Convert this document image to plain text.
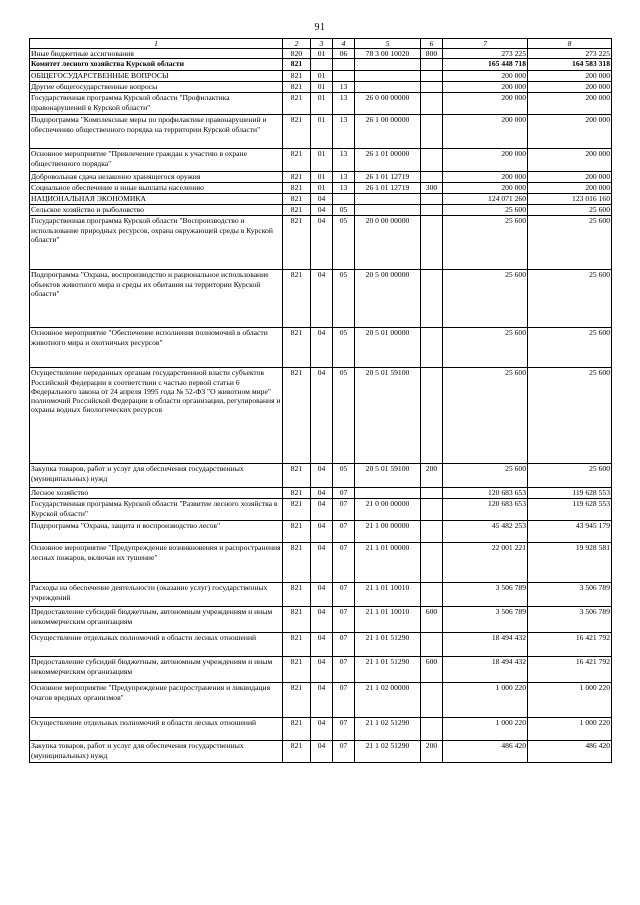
91
1	2	3	4	5	6	7	8
Иные бюджетные ассигнования	820	01	06	78 3 00 10020	800	273 225	273 225
Комитет лесного хозяйства Курской области	821					165 448 718	164 583 318
ОБЩЕГОСУДАРСТВЕННЫЕ ВОПРОСЫ	821	01				200 000	200 000
Другие общегосударственные вопросы	821	01	13			200 000	200 000
Государственная программа Курской области "Профилактика правонарушений в Курской области"	821	01	13	26 0 00 00000		200 000	200 000
Подпрограмма "Комплексные меры по профилактике правонарушений и обеспечению общественного порядка на территории Курской области"	821	01	13	26 1 00 00000		200 000	200 000
Основное мероприятие "Привлечение граждан к участию в охране общественного порядка"	821	01	13	26 1 01 00000		200 000	200 000
Добровольная сдача незаконно хранящегося оружия	821	01	13	26 1 01 12719		200 000	200 000
Социальное обеспечение и иные выплаты населению	821	01	13	26 1 01 12719	300	200 000	200 000
НАЦИОНАЛЬНАЯ ЭКОНОМИКА	821	04				124 071 260	123 016 160
Сельское хозяйство и рыболовство	821	04	05			25 600	25 600
Государственная программа Курской области "Воспроизводство и использование природных ресурсов, охрана окружающей среды в Курской области"	821	04	05	20 0 00 00000		25 600	25 600
Подпрограмма "Охрана, воспроизводство и рациональное использование объектов животного мира и среды их обитания на территории Курской области"	821	04	05	20 5 00 00000		25 600	25 600
Основное мероприятие "Обеспечение исполнения полномочий в области животного мира и охотничьих ресурсов"	821	04	05	20 5 01 00000		25 600	25 600
Осуществление переданных органам государственной власти субъектов Российской Федерации в соответствии с частью первой статьи 6 Федерального закона от 24 апреля 1995 года № 52-ФЗ "О животном мире" полномочий Российской Федерации в области организации, регулирования и охраны водных биологических ресурсов	821	04	05	20 5 01 59100		25 600	25 600
Закупка товаров, работ и услуг для обеспечения государственных (муниципальных) нужд	821	04	05	20 5 01 59100	200	25 600	25 600
Лесное хозяйство	821	04	07			120 683 653	119 628 553
Государственная программа Курской области "Развитие лесного хозяйства в Курской области"	821	04	07	21 0 00 00000		120 683 653	119 628 553
Подпрограмма "Охрана, защита и воспроизводство лесов"	821	04	07	21 1 00 00000		45 482 253	43 945 179
Основное мероприятие "Предупреждение возникновения и распространения лесных пожаров, включая их тушение"	821	04	07	21 1 01 00000		22 001 221	19 928 581
Расходы на обеспечение деятельности (оказание услуг) государственных учреждений	821	04	07	21 1 01 10010		3 506 789	3 506 789
Предоставление субсидий бюджетным, автономным учреждениям и иным некоммерческим организациям	821	04	07	21 1 01 10010	600	3 506 789	3 506 789
Осуществление отдельных полномочий в области лесных отношений	821	04	07	21 1 01 51290		18 494 432	16 421 792
Предоставление субсидий бюджетным, автономным учреждениям и иным некоммерческим организациям	821	04	07	21 1 01 51290	600	18 494 432	16 421 792
Основное мероприятие "Предупреждение распространения и ликвидация очагов вредных организмов"	821	04	07	21 1 02 00000		1 000 220	1 000 220
Осуществление отдельных полномочий в области лесных отношений	821	04	07	21 1 02 51290		1 000 220	1 000 220
Закупка товаров, работ и услуг для обеспечения государственных (муниципальных) нужд	821	04	07	21 1 02 51290	200	486 420	486 420
